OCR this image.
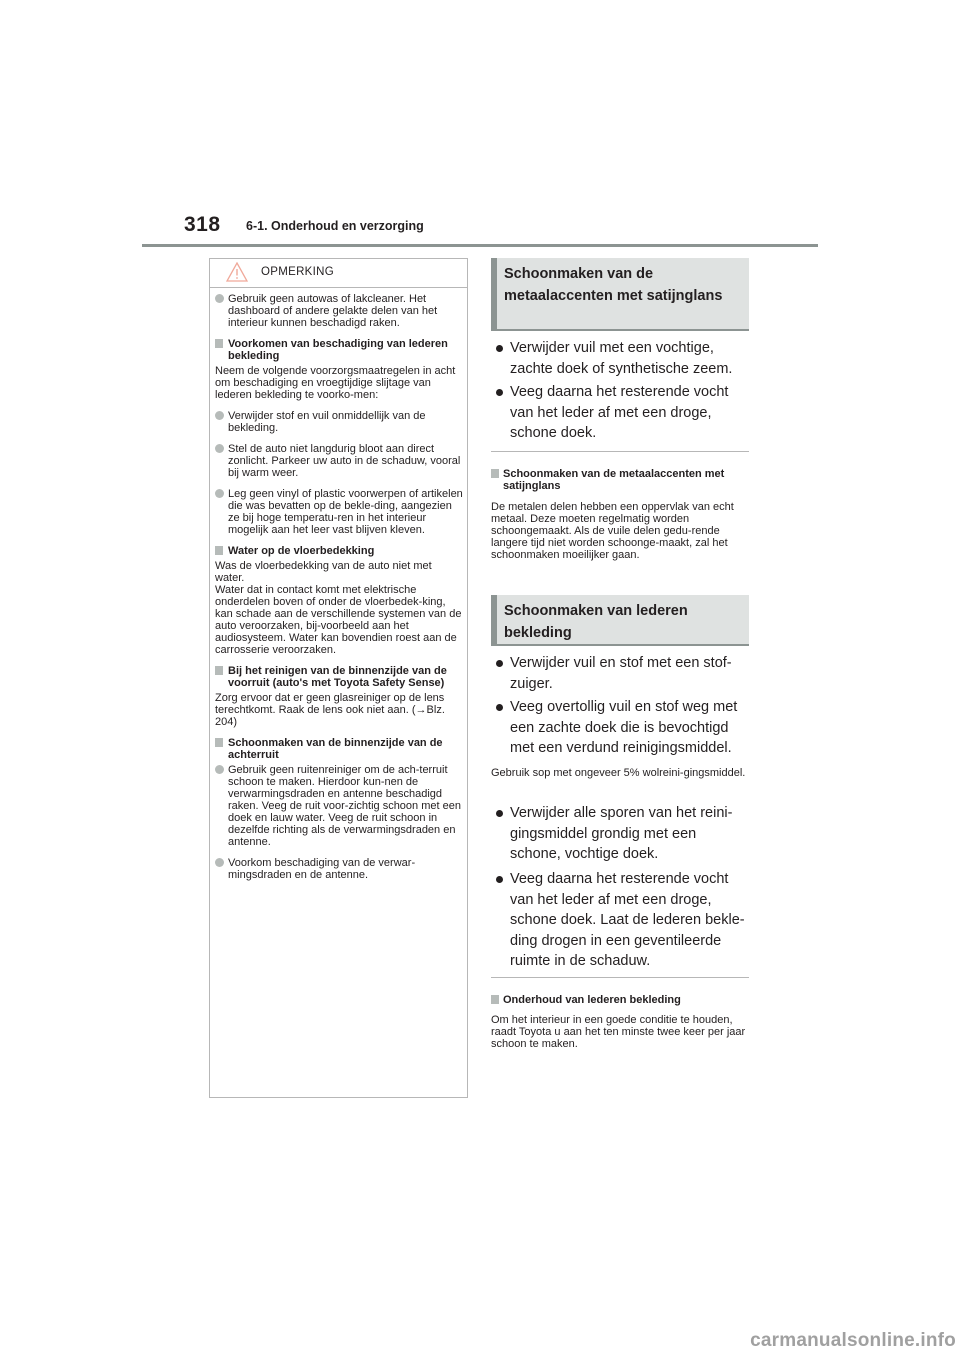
318 6-1. Onderhoud en verzorging
OPMERKING
Gebruik geen autowas of lakcleaner. Het dashboard of andere gelakte delen van het interieur kunnen beschadigd raken.
Voorkomen van beschadiging van lederen bekleding
Neem de volgende voorzorgsmaatregelen in acht om beschadiging en vroegtijdige slijtage van lederen bekleding te voorko-men:
Verwijder stof en vuil onmiddellijk van de bekleding.
Stel de auto niet langdurig bloot aan direct zonlicht. Parkeer uw auto in de schaduw, vooral bij warm weer.
Leg geen vinyl of plastic voorwerpen of artikelen die was bevatten op de bekle-ding, aangezien ze bij hoge temperatu-ren in het interieur mogelijk aan het leer vast blijven kleven.
Water op de vloerbedekking
Was de vloerbedekking van de auto niet met water.
Water dat in contact komt met elektrische onderdelen boven of onder de vloerbedek-king, kan schade aan de verschillende systemen van de auto veroorzaken, bij-voorbeeld aan het audiosysteem. Water kan bovendien roest aan de carrosserie veroorzaken.
Bij het reinigen van de binnenzijde van de voorruit (auto's met Toyota Safety Sense)
Zorg ervoor dat er geen glasreiniger op de lens terechtkomt. Raak de lens ook niet aan. (→Blz. 204)
Schoonmaken van de binnenzijde van de achterruit
Gebruik geen ruitenreiniger om de ach-terruit schoon te maken. Hierdoor kun-nen de verwarmingsdraden en antenne beschadigd raken. Veeg de ruit voor-zichtig schoon met een doek en lauw water. Veeg de ruit schoon in dezelfde richting als de verwarmingsdraden en antenne.
Voorkom beschadiging van de verwar-mingsdraden en de antenne.
Schoonmaken van de metaalaccenten met satijnglans
Verwijder vuil met een vochtige, zachte doek of synthetische zeem.
Veeg daarna het resterende vocht van het leder af met een droge, schone doek.
Schoonmaken van de metaalaccenten met satijnglans
De metalen delen hebben een oppervlak van echt metaal. Deze moeten regelmatig worden schoongemaakt. Als de vuile delen gedu-rende langere tijd niet worden schoonge-maakt, zal het schoonmaken moeilijker gaan.
Schoonmaken van lederen bekleding
Verwijder vuil en stof met een stof-zuiger.
Veeg overtollig vuil en stof weg met een zachte doek die is bevochtigd met een verdund reinigingsmiddel.
Gebruik sop met ongeveer 5% wolreini-gingsmiddel.
Verwijder alle sporen van het reini-gingsmiddel grondig met een schone, vochtige doek.
Veeg daarna het resterende vocht van het leder af met een droge, schone doek. Laat de lederen bekle-ding drogen in een geventileerde ruimte in de schaduw.
Onderhoud van lederen bekleding
Om het interieur in een goede conditie te houden, raadt Toyota u aan het ten minste twee keer per jaar schoon te maken.
carmanualsonline.info
